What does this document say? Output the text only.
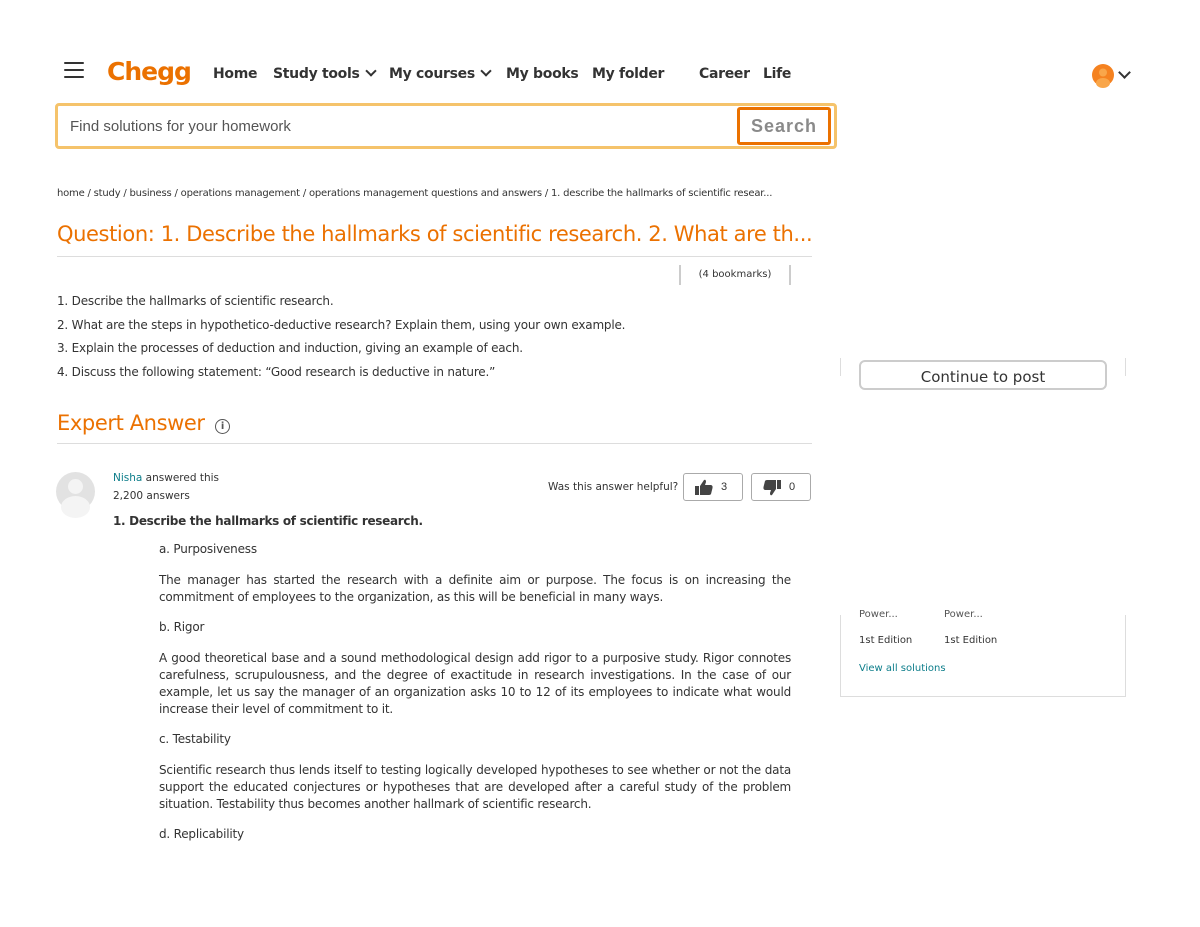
Chegg Home Study tools	My courses	My books My folder Career Life
Find solutions for your homework
Search
home / study / business / operations management / operations management questions and answers / 1. describe the hallmarks of scientific resear...
Question: 1. Describe the hallmarks of scientific research. 2. What are th...
(4 bookmarks)

1. Describe the hallmarks of scientific research.

2. What are the steps in hypothetico-deductive research? Explain them, using your own example.

3. Explain the processes of deduction and induction, giving an example of each.

4. Discuss the following statement: “Good research is deductive in nature.”	Continue to post
Power...
1st Edition
Power...
1st Edition
View all solutions
Expert Answer i
Nisha answered this
2,200 answers
Was this answer helpful?	3	0
1. Describe the hallmarks of scientific research.

a. Purposiveness

The manager has started the research with a definite aim or purpose. The focus is on increasing the commitment of employees to the organization, as this will be beneficial in many ways.

b. Rigor

A good theoretical base and a sound methodological design add rigor to a purposive study. Rigor connotes carefulness, scrupulousness, and the degree of exactitude in research investigations. In the case of our example, let us say the manager of an organization asks 10 to 12 of its employees to indicate what would increase their level of commitment to it.

c. Testability

Scientific research thus lends itself to testing logically developed hypotheses to see whether or not the data support the educated conjectures or hypotheses that are developed after a careful study of the problem situation. Testability thus becomes another hallmark of scientific research.

d. Replicability
